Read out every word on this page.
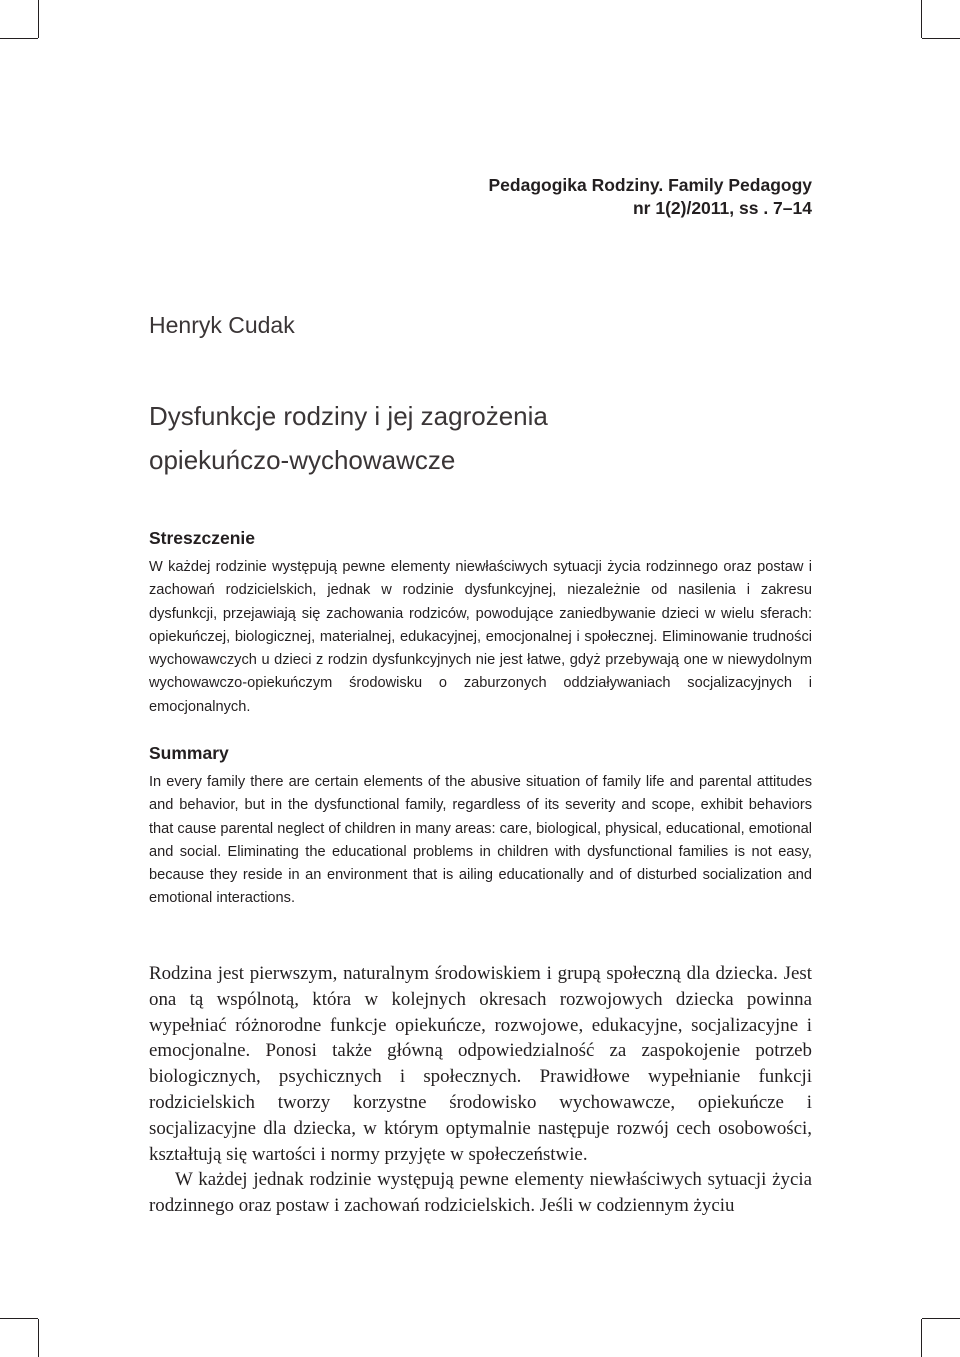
Pedagogika Rodziny. Family Pedagogy
nr 1(2)/2011, ss . 7–14
Henryk Cudak
Dysfunkcje rodziny i jej zagrożenia
opiekuńczo-wychowawcze
Streszczenie

W każdej rodzinie występują pewne elementy niewłaściwych sytuacji życia rodzinnego oraz postaw i zachowań rodzicielskich, jednak w rodzinie dysfunkcyjnej, niezależnie od nasilenia i zakresu dysfunkcji, przejawiają się zachowania rodziców, powodujące zaniedbywanie dzieci w wielu sferach: opiekuńczej, biologicznej, materialnej, edukacyjnej, emocjonalnej i społecznej. Eliminowanie trudności wychowawczych u dzieci z rodzin dysfunkcyjnych nie jest łatwe, gdyż przebywają one w niewydolnym wychowawczo-opiekuńczym środowisku o zaburzonych oddziaływaniach socjalizacyjnych i emocjonalnych.

Summary

In every family there are certain elements of the abusive situation of family life and parental attitudes and behavior, but in the dysfunctional family, regardless of its severity and scope, exhibit behaviors that cause parental neglect of children in many areas: care, biological, physical, educational, emotional and social. Eliminating the educational problems in children with dysfunctional families is not easy, because they reside in an environment that is ailing educationally and of disturbed socialization and emotional interactions.

Rodzina jest pierwszym, naturalnym środowiskiem i grupą społeczną dla dziecka. Jest ona tą wspólnotą, która w kolejnych okresach rozwojowych dziecka powinna wypełniać różnorodne funkcje opiekuńcze, rozwojowe, edukacyjne, socjalizacyjne i emocjonalne. Ponosi także główną odpowiedzialność za zaspokojenie potrzeb biologicznych, psychicznych i społecznych. Prawidłowe wypełnianie funkcji rodzicielskich tworzy korzystne środowisko wychowawcze, opiekuńcze i socjalizacyjne dla dziecka, w którym optymalnie następuje rozwój cech osobowości, kształtują się wartości i normy przyjęte w społeczeństwie.

W każdej jednak rodzinie występują pewne elementy niewłaściwych sytuacji życia rodzinnego oraz postaw i zachowań rodzicielskich. Jeśli w codziennym życiu
